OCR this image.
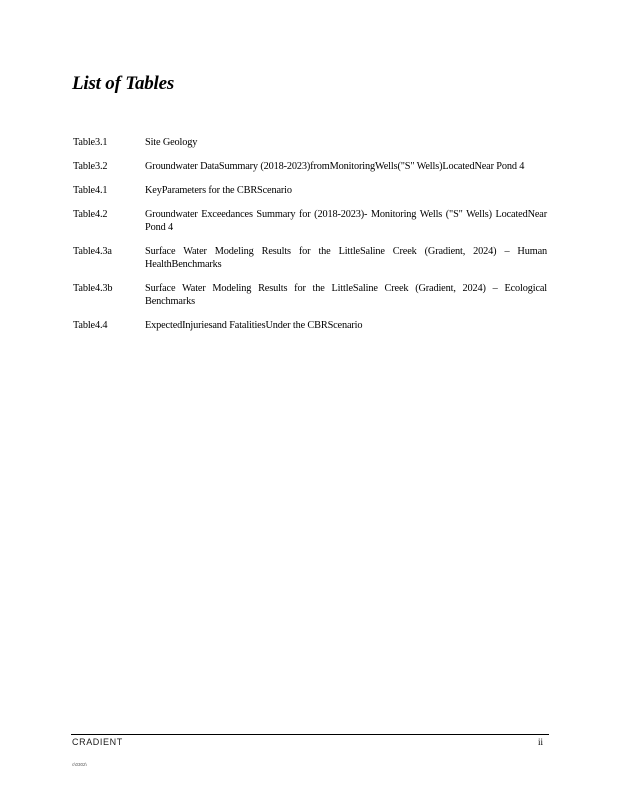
List of Tables
Table3.1	Site Geology
Table3.2	Groundwater DataSummary (2018-2023)fromMonitoringWells("S" Wells)LocatedNear Pond 4
Table4.1	KeyParameters for the CBRScenario
Table4.2	Groundwater Exceedances Summary for (2018-2023)- Monitoring Wells ("S" Wells) LocatedNear Pond 4
Table4.3a	Surface Water Modeling Results for the LittleSaline Creek (Gradient, 2024) – Human HealthBenchmarks
Table4.3b	Surface Water Modeling Results for the LittleSaline Creek (Gradient, 2024) – Ecological Benchmarks
Table4.4	ExpectedInjuriesand FatalitiesUnder the CBRScenario
CRADIENT	ii
c\0302\
